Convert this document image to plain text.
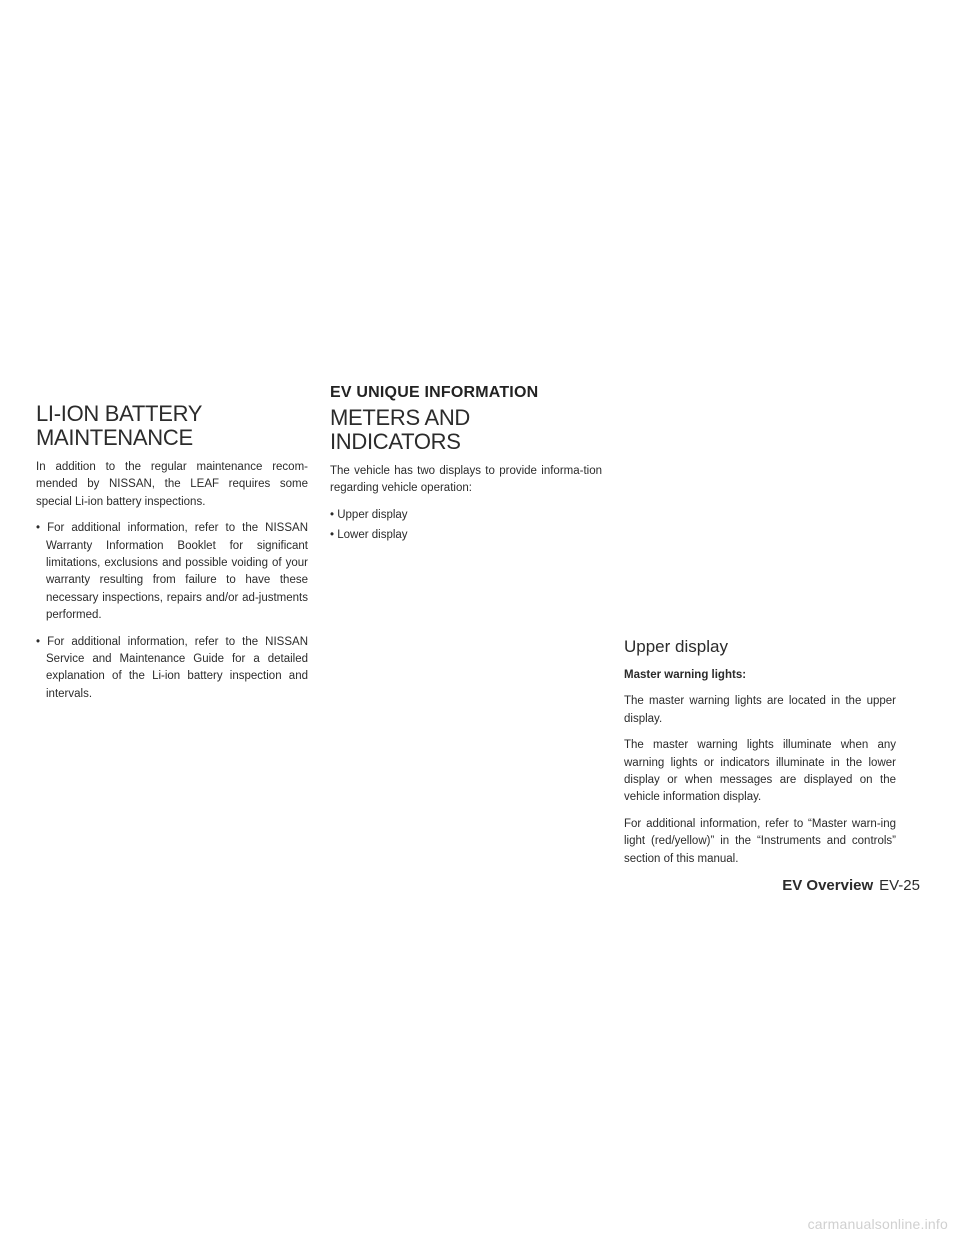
LI-ION BATTERY MAINTENANCE

In addition to the regular maintenance recom-mended by NISSAN, the LEAF requires some special Li-ion battery inspections.

• For additional information, refer to the NISSAN Warranty Information Booklet for significant limitations, exclusions and possible voiding of your warranty resulting from failure to have these necessary inspections, repairs and/or ad-justments performed.
• For additional information, refer to the NISSAN Service and Maintenance Guide for a detailed explanation of the Li-ion battery inspection and intervals.
EV UNIQUE INFORMATION
METERS AND INDICATORS

The vehicle has two displays to provide informa-tion regarding vehicle operation:

• Upper display
• Lower display
Upper display

Master warning lights:

The master warning lights are located in the upper display.

The master warning lights illuminate when any warning lights or indicators illuminate in the lower display or when messages are displayed on the vehicle information display.

For additional information, refer to “Master warn-ing light (red/yellow)” in the “Instruments and controls” section of this manual.

EV Overview EV-25
carmanualsonline.info
